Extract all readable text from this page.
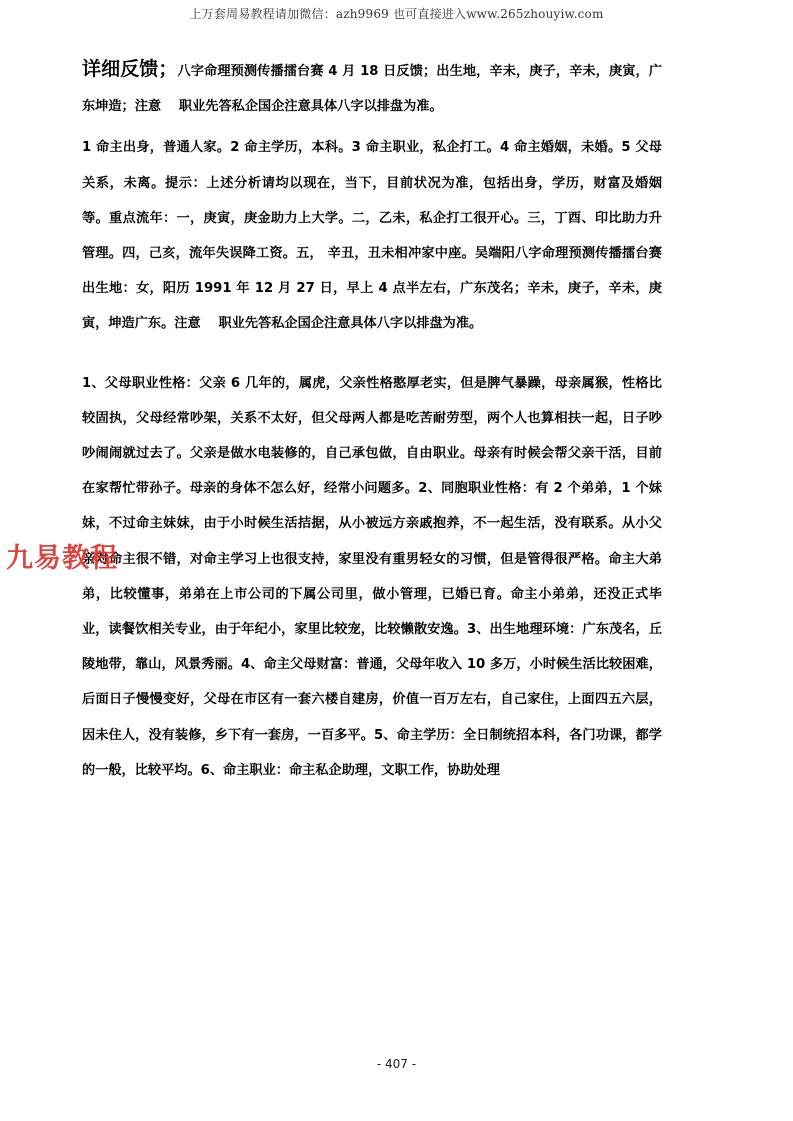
上万套周易教程请加微信：azh9969 也可直接进入www.265zhouyiw.com

详细反馈；八字命理预测传播擂台赛 4 月 18 日反馈；出生地，辛未，庚子，辛未，庚寅，广东坤造；注意　 职业先答私企国企注意具体八字以排盘为准。

1 命主出身，普通人家。2 命主学历，本科。3 命主职业，私企打工。4 命主婚姻，未婚。5 父母关系，未离。提示：上述分析请均以现在，当下，目前状况为准，包括出身，学历，财富及婚姻等。重点流年：一，庚寅，庚金助力上大学。二，乙未，私企打工很开心。三，丁酉、印比助力升管理。四，己亥，流年失误降工资。五， 辛丑，丑未相冲家中座。吴端阳八字命理预测传播擂台赛出生地：女，阳历 1991 年 12 月 27 日，早上 4 点半左右，广东茂名；辛未，庚子，辛未，庚寅，坤造广东。注意　 职业先答私企国企注意具体八字以排盘为准。

1、父母职业性格：父亲 6 几年的，属虎，父亲性格憨厚老实，但是脾气暴躁，母亲属猴，性格比较固执，父母经常吵架，关系不太好，但父母两人都是吃苦耐劳型，两个人也算相扶一起，日子吵吵闹闹就过去了。父亲是做水电装修的，自己承包做，自由职业。母亲有时候会帮父亲干活，目前在家帮忙带孙子。母亲的身体不怎么好，经常小问题多。2、同胞职业性格：有 2 个弟弟，1 个妹妹，不过命主妹妹，由于小时候生活拮据，从小被远方亲戚抱养，不一起生活，没有联系。从小父亲对命主很不错，对命主学习上也很支持，家里没有重男轻女的习惯，但是管得很严格。命主大弟弟，比较懂事，弟弟在上市公司的下属公司里，做小管理，已婚已育。命主小弟弟，还没正式毕业，读餐饮相关专业，由于年纪小，家里比较宠，比较懒散安逸。3、出生地理环境：广东茂名，丘陵地带，靠山，风景秀丽。4、命主父母财富：普通，父母年收入 10 多万，小时候生活比较困难，后面日子慢慢变好，父母在市区有一套六楼自建房，价值一百万左右，自己家住，上面四五六层，因未住人，没有装修，乡下有一套房，一百多平。5、命主学历：全日制统招本科，各门功课，都学的一般，比较平均。6、命主职业：命主私企助理，文职工作，协助处理

九易教程
- 407 -
